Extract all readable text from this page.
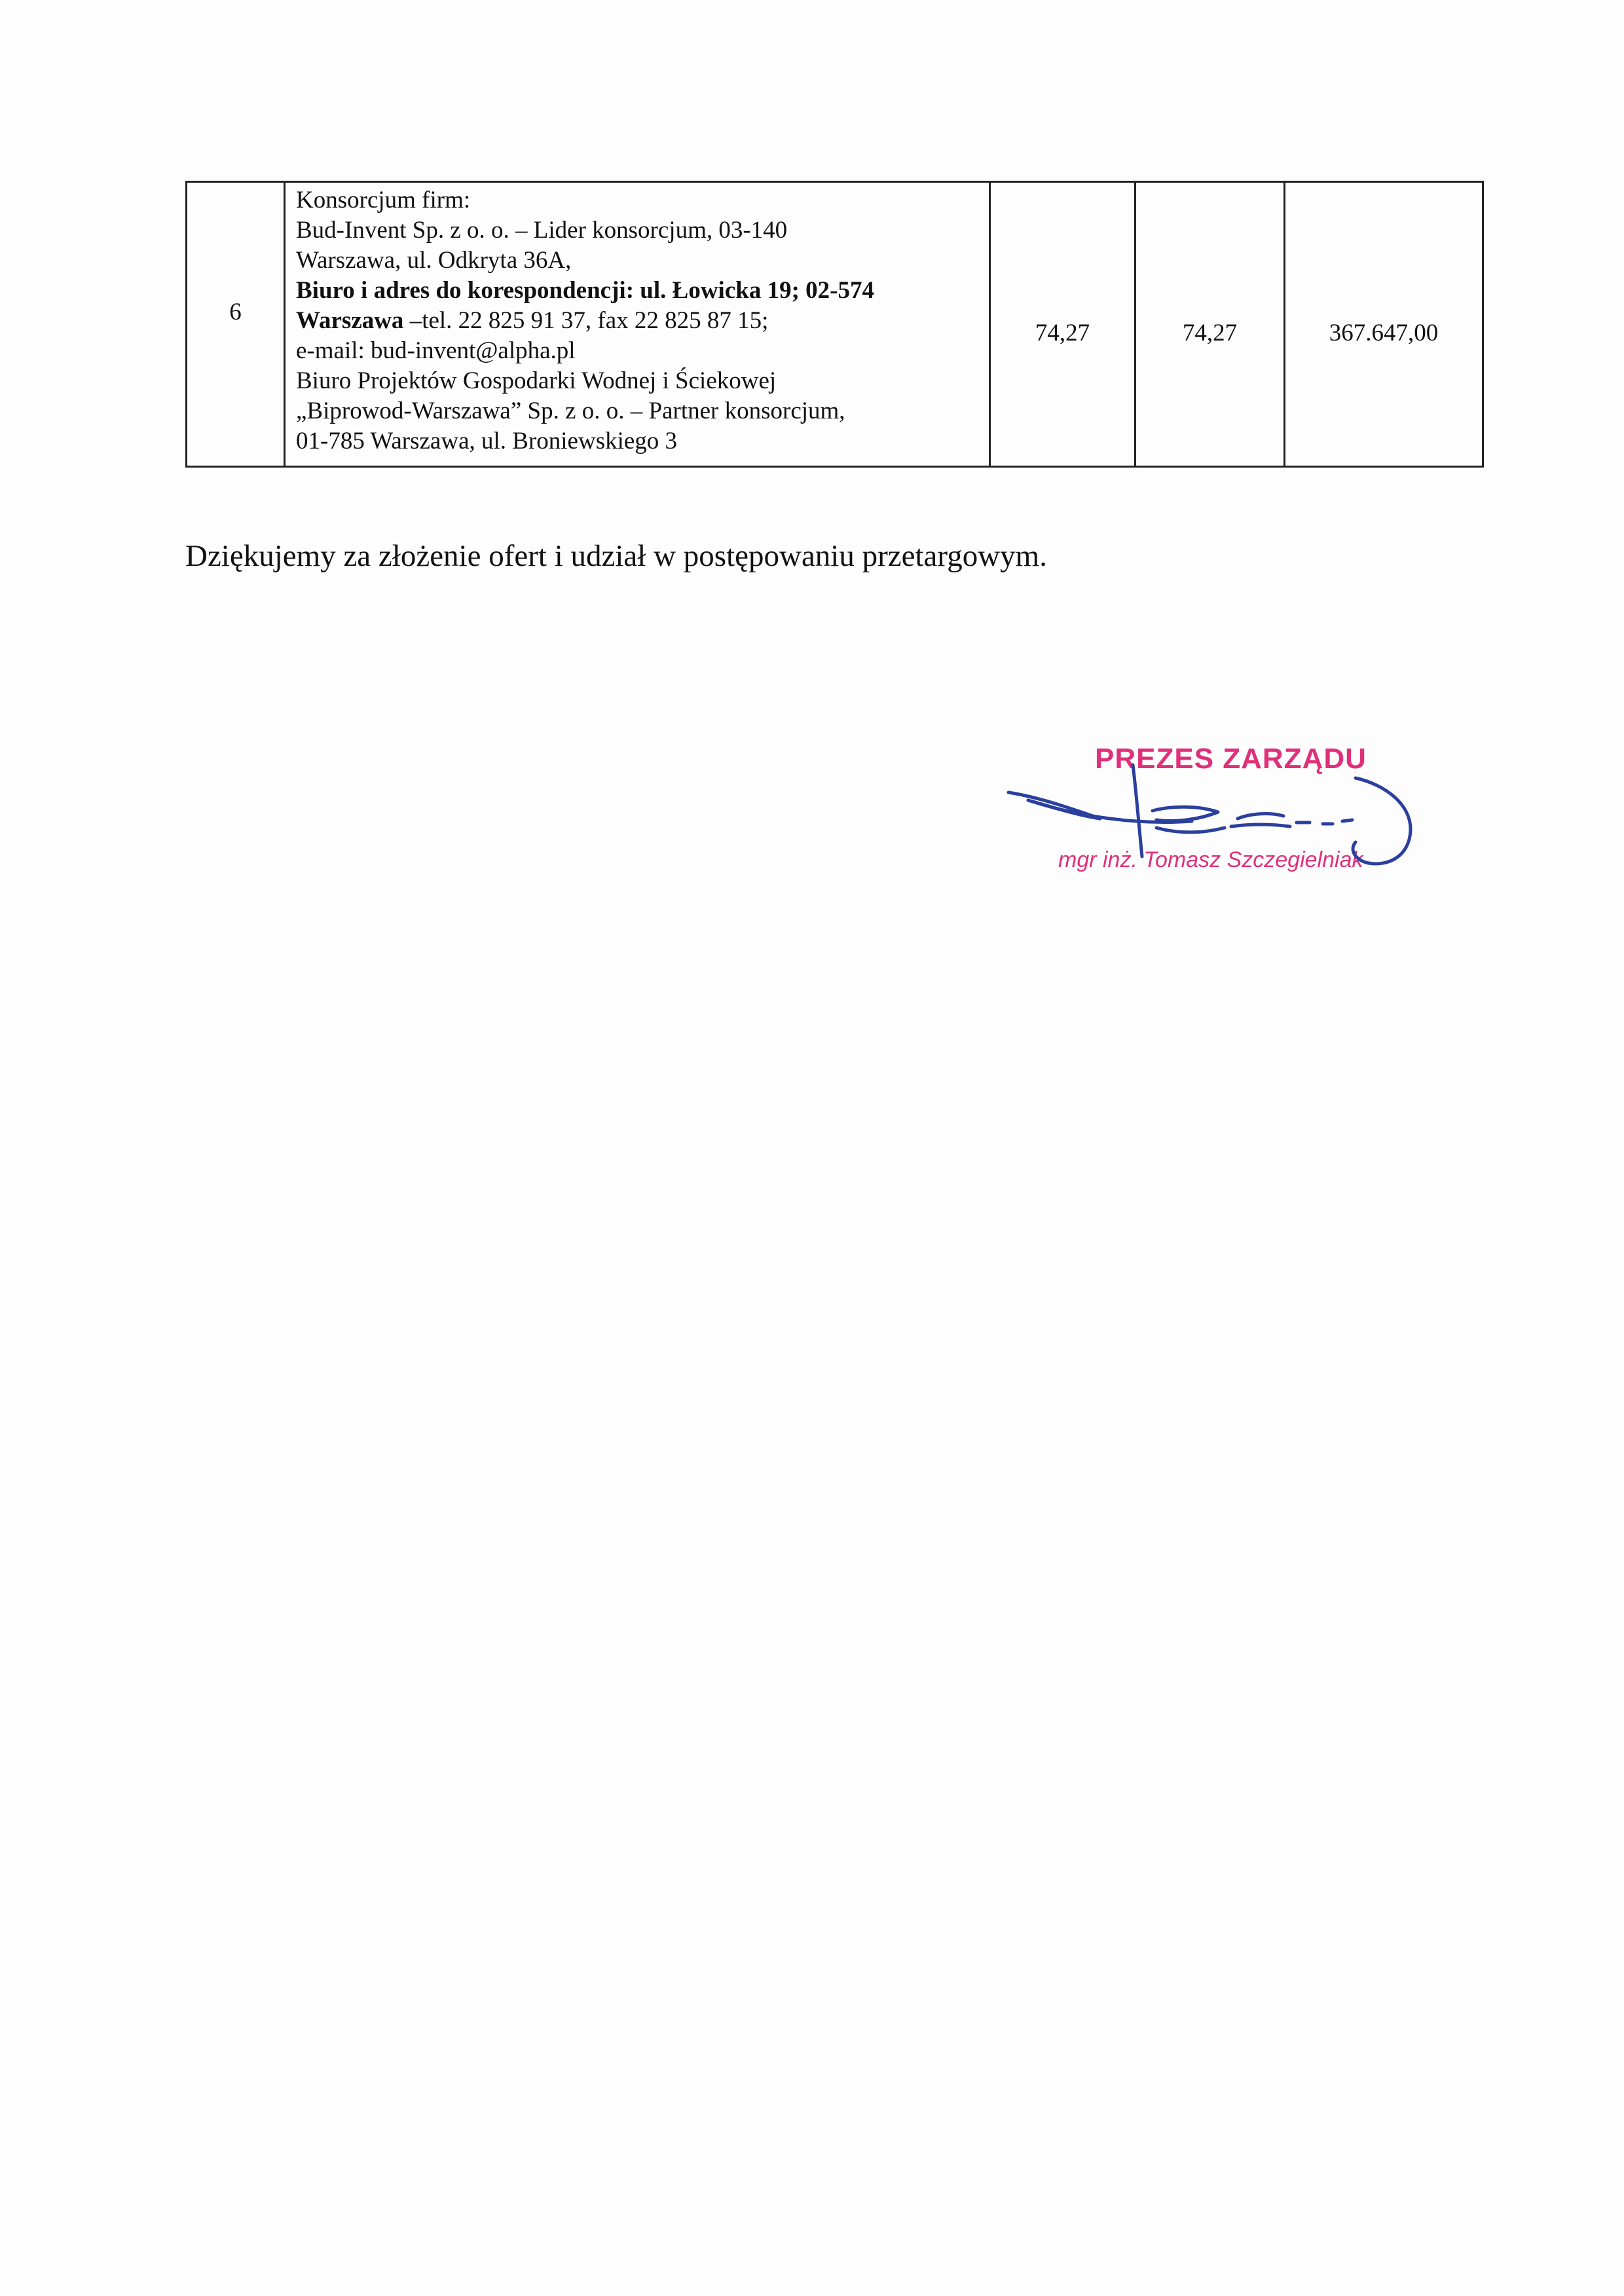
6	
Konsorcjum firm:
Bud-Invent Sp. z o. o. – Lider konsorcjum, 03-140
Warszawa, ul. Odkryta 36A,
Biuro i adres do korespondencji: ul. Łowicka 19; 02-574
Warszawa –tel. 22 825 91 37, fax 22 825 87 15;
e-mail: bud-invent@alpha.pl
Biuro Projektów Gospodarki Wodnej i Ściekowej
„Biprowod-Warszawa” Sp. z o. o. – Partner konsorcjum,
01-785 Warszawa, ul. Broniewskiego 3
	74,27	74,27	367.647,00
Dziękujemy za złożenie ofert i udział w postępowaniu przetargowym.
PREZES ZARZĄDU
mgr inż. Tomasz Szczegielniak
